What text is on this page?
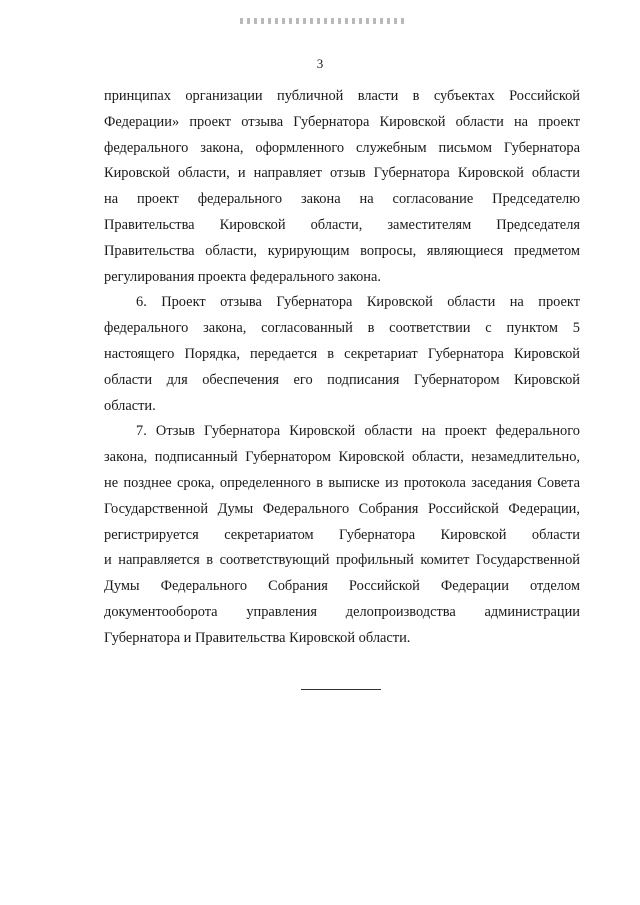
3

принципах организации публичной власти в субъектах Российской
Федерации» проект отзыва Губернатора Кировской области на проект
федерального закона, оформленного служебным письмом Губернатора
Кировской области, и направляет отзыв Губернатора Кировской области
на проект федерального закона на согласование Председателю
Правительства Кировской области, заместителям Председателя
Правительства области, курирующим вопросы, являющиеся предметом
регулирования проекта федерального закона.

6. Проект отзыва Губернатора Кировской области на проект
федерального закона, согласованный в соответствии с пунктом 5
настоящего Порядка, передается в секретариат Губернатора Кировской
области для обеспечения его подписания Губернатором Кировской
области.

7. Отзыв Губернатора Кировской области на проект федерального
закона, подписанный Губернатором Кировской области, незамедлительно,
не позднее срока, определенного в выписке из протокола заседания Совета
Государственной Думы Федерального Собрания Российской Федерации,
регистрируется секретариатом Губернатора Кировской области
и направляется в соответствующий профильный комитет Государственной
Думы Федерального Собрания Российской Федерации отделом
документооборота управления делопроизводства администрации
Губернатора и Правительства Кировской области.
